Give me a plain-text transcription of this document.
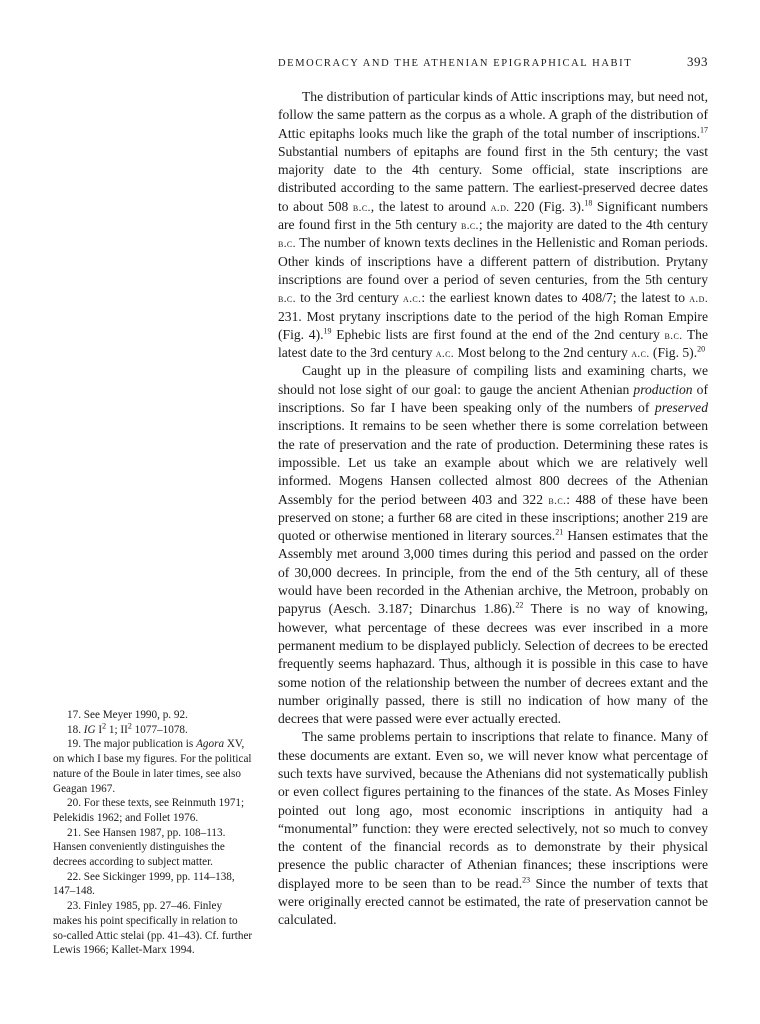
DEMOCRACY AND THE ATHENIAN EPIGRAPHICAL HABIT	393

The distribution of particular kinds of Attic inscriptions may, but need not, follow the same pattern as the corpus as a whole. A graph of the distribution of Attic epitaphs looks much like the graph of the total number of inscriptions.$^{17}$ Substantial numbers of epitaphs are found first in the 5th century; the vast majority date to the 4th century. Some official, state inscriptions are distributed according to the same pattern. The earliest-preserved decree dates to about 508 b.c., the latest to around a.d. 220 (Fig. 3).$^{18}$ Significant numbers are found first in the 5th century b.c.; the majority are dated to the 4th century b.c. The number of known texts declines in the Hellenistic and Roman periods. Other kinds of inscriptions have a different pattern of distribution. Prytany inscriptions are found over a period of seven centuries, from the 5th century b.c. to the 3rd century a.c.: the earliest known dates to 408/7; the latest to a.d. 231. Most prytany inscriptions date to the period of the high Roman Empire (Fig. 4).$^{19}$ Ephebic lists are first found at the end of the 2nd century b.c. The latest date to the 3rd century a.c. Most belong to the 2nd century a.c. (Fig. 5).$^{20}$

Caught up in the pleasure of compiling lists and examining charts, we should not lose sight of our goal: to gauge the ancient Athenian production of inscriptions. So far I have been speaking only of the numbers of preserved inscriptions. It remains to be seen whether there is some correlation between the rate of preservation and the rate of production. Determining these rates is impossible. Let us take an example about which we are relatively well informed. Mogens Hansen collected almost 800 decrees of the Athenian Assembly for the period between 403 and 322 b.c.: 488 of these have been preserved on stone; a further 68 are cited in these inscriptions; another 219 are quoted or otherwise mentioned in literary sources.$^{21}$ Hansen estimates that the Assembly met around 3,000 times during this period and passed on the order of 30,000 decrees. In principle, from the end of the 5th century, all of these would have been recorded in the Athenian archive, the Metroon, probably on papyrus (Aesch. 3.187; Dinarchus 1.86).$^{22}$ There is no way of knowing, however, what percentage of these decrees was ever inscribed in a more permanent medium to be displayed publicly. Selection of decrees to be erected frequently seems haphazard. Thus, although it is possible in this case to have some notion of the relationship between the number of decrees extant and the number originally passed, there is still no indication of how many of the decrees that were passed were ever actually erected.

The same problems pertain to inscriptions that relate to finance. Many of these documents are extant. Even so, we will never know what percentage of such texts have survived, because the Athenians did not systematically publish or even collect figures pertaining to the finances of the state. As Moses Finley pointed out long ago, most economic inscriptions in antiquity had a “monumental” function: they were erected selectively, not so much to convey the content of the financial records as to demonstrate by their physical presence the public character of Athenian finances; these inscriptions were displayed more to be seen than to be read.$^{23}$ Since the number of texts that were originally erected cannot be estimated, the rate of preservation cannot be calculated.

17. See Meyer 1990, p. 92.

18. IG $I^2$ 1; $II^2$ 1077–1078.

19. The major publication is Agora XV, on which I base my figures. For the political nature of the Boule in later times, see also Geagan 1967.

20. For these texts, see Reinmuth 1971; Pelekidis 1962; and Follet 1976.

21. See Hansen 1987, pp. 108–113. Hansen conveniently distinguishes the decrees according to subject matter.

22. See Sickinger 1999, pp. 114–138, 147–148.

23. Finley 1985, pp. 27–46. Finley makes his point specifically in relation to so-called Attic stelai (pp. 41–43). Cf. further Lewis 1966; Kallet-Marx 1994.
